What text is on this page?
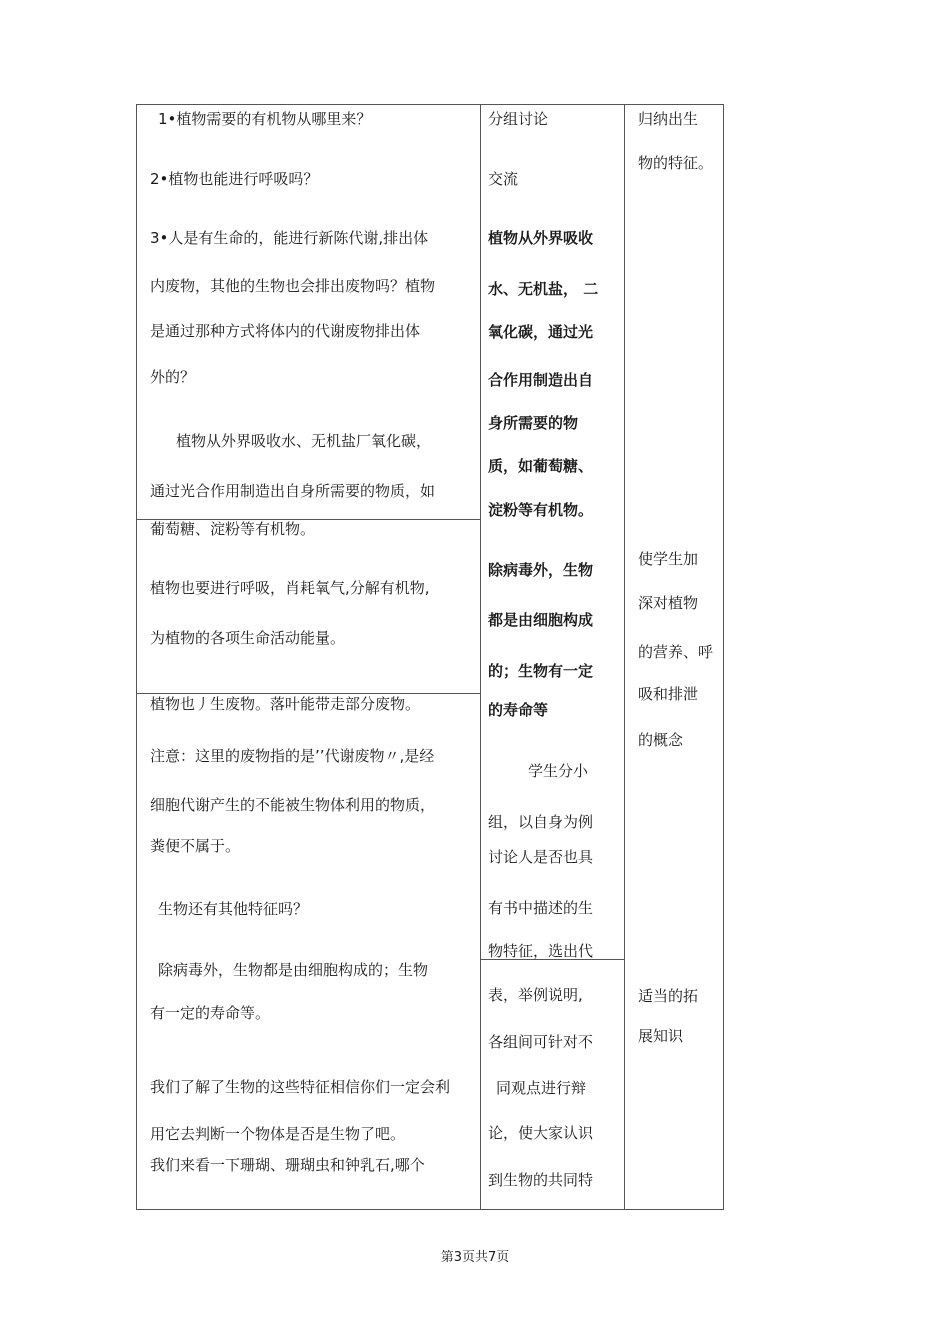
1•植物需要的有机物从哪里来？
2•植物也能进行呼吸吗？
3•人是有生命的，能进行新陈代谢,排出体
内废物，其他的生物也会排出废物吗？植物
是通过那种方式将体内的代谢废物排出体
外的？
植物从外界吸收水、无机盐厂氧化碳，
通过光合作用制造出自身所需要的物质，如
葡萄糖、淀粉等有机物。
植物也要进行呼吸，肖耗氧气,分解有机物,
为植物的各项生命活动能量。
植物也丿生废物。落叶能带走部分废物。
注意：这里的废物指的是’’代谢废物〃,是经
细胞代谢产生的不能被生物体利用的物质，
粪便不属于。
生物还有其他特征吗？
除病毒外，生物都是由细胞构成的；生物
有一定的寿命等。
我们了解了生物的这些特征相信你们一定会利
用它去判断一个物体是否是生物了吧。
我们来看一下珊瑚、珊瑚虫和钟乳石,哪个
分组讨论
交流
植物从外界吸收
水、无机盐， 二
氧化碳，通过光
合作用制造出自
身所需要的物
质，如葡萄糖、
淀粉等有机物。
除病毒外，生物
都是由细胞构成
的；生物有一定
的寿命等
学生分小
组，以自身为例
讨论人是否也具
有书中描述的生
物特征，选出代
表，举例说明,
各组间可针对不
同观点进行辩
论，使大家认识
到生物的共同特
归纳出生
物的特征。
使学生加
深对植物
的营养、呼
吸和排泄
的概念
适当的拓
展知识
第3页共7页
